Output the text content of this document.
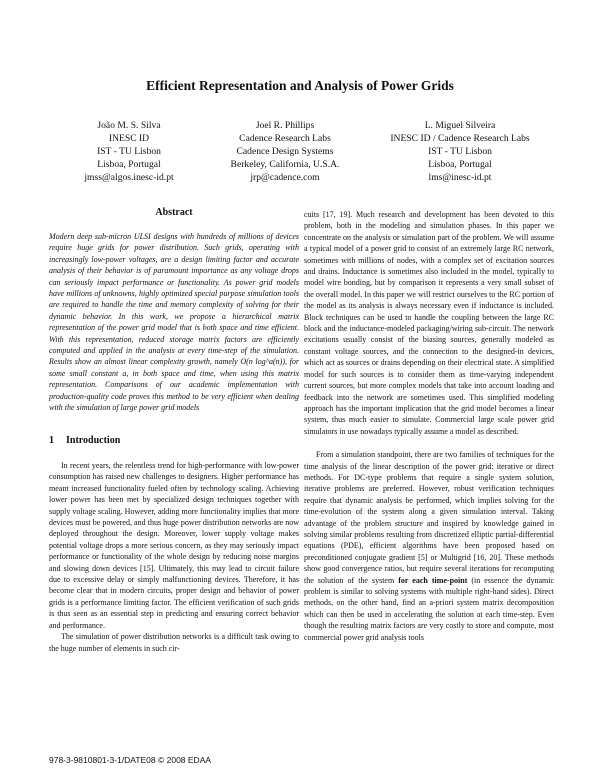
Efficient Representation and Analysis of Power Grids
João M. S. Silva
INESC ID
IST - TU Lisbon
Lisboa, Portugal
jmss@algos.inesc-id.pt
Joel R. Phillips
Cadence Research Labs
Cadence Design Systems
Berkeley, California, U.S.A.
jrp@cadence.com
L. Miguel Silveira
INESC ID / Cadence Research Labs
IST - TU Lisbon
Lisboa, Portugal
lms@inesc-id.pt
Abstract

Modern deep sub-micron ULSI designs with hundreds of millions of devices require huge grids for power distribution. Such grids, operating with increasingly low-power voltages, are a design limiting factor and accurate analysis of their behavior is of paramount importance as any voltage drops can seriously impact performance or functionality. As power grid models have millions of unknowns, highly optimized special purpose simulation tools are required to handle the time and memory complexity of solving for their dynamic behavior. In this work, we propose a hierarchical matrix representation of the power grid model that is both space and time efficient. With this representation, reduced storage matrix factors are efficiently computed and applied in the analysis at every time-step of the simulation. Results show an almost linear complexity growth, namely O(n log^a(n)), for some small constant a, in both space and time, when using this matrix representation. Comparisons of our academic implementation with production-quality code proves this method to be very efficient when dealing with the simulation of large power grid models

1 Introduction

In recent years, the relentless trend for high-performance with low-power consumption has raised new challenges to designers. Higher performance has meant increased functionality fueled often by technology scaling. Achieving lower power has been met by specialized design techniques together with supply voltage scaling. However, adding more functionality implies that more devices must be powered, and thus huge power distribution networks are now deployed throughout the design. Moreover, lower supply voltage makes potential voltage drops a more serious concern, as they may seriously impact performance or functionality of the whole design by reducing noise margins and slowing down devices [15]. Ultimately, this may lead to circuit failure due to excessive delay or simply malfunctioning devices. Therefore, it has become clear that in modern circuits, proper design and behavior of power grids is a performance limiting factor. The efficient verification of such grids is thus seen as an essential step in predicting and ensuring correct behavior and performance.

The simulation of power distribution networks is a difficult task owing to the huge number of elements in such cir-

cuits [17, 19]. Much research and development has been devoted to this problem, both in the modeling and simulation phases. In this paper we concentrate on the analysis or simulation part of the problem. We will assume a typical model of a power grid to consist of an extremely large RC network, sometimes with millions of nodes, with a complex set of excitation sources and drains. Inductance is sometimes also included in the model, typically to model wire bonding, but by comparison it represents a very small subset of the overall model. In this paper we will restrict ourselves to the RC portion of the model as its analysis is always necessary even if inductance is included. Block techniques can be used to handle the coupling between the large RC block and the inductance-modeled packaging/wiring sub-circuit. The network excitations usually consist of the biasing sources, generally modeled as constant voltage sources, and the connection to the designed-in devices, which act as sources or drains depending on their electrical state. A simplified model for such sources is to consider them as time-varying independent current sources, but more complex models that take into account loading and feedback into the network are sometimes used. This simplified modeling approach has the important implication that the grid model becomes a linear system, thus much easier to simulate. Commercial large scale power grid simulators in use nowadays typically assume a model as described.

From a simulation standpoint, there are two families of techniques for the time analysis of the linear description of the power grid: iterative or direct methods. For DC-type problems that require a single system solution, iterative problems are preferred. However, robust verification techniques require that dynamic analysis be performed, which implies solving for the time-evolution of the system along a given simulation interval. Taking advantage of the problem structure and inspired by knowledge gained in solving similar problems resulting from discretized elliptic partial-differential equations (PDE), efficient algorithms have been proposed based on preconditioned conjugate gradient [5] or Multigrid [16, 20]. These methods show good convergence ratios, but require several iterations for recomputing the solution of the system for each time-point (in essence the dynamic problem is similar to solving systems with multiple right-hand sides). Direct methods, on the other hand, find an a-priori system matrix decomposition which can then be used in accelerating the solution at each time-step. Even though the resulting matrix factors are very costly to store and compute, most commercial power grid analysis tools

978-3-9810801-3-1/DATE08 © 2008 EDAA
